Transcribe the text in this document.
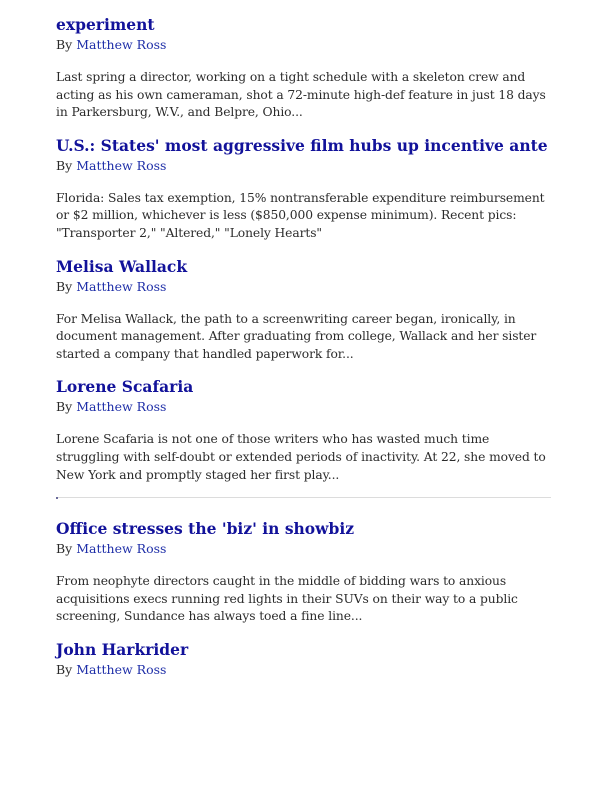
experiment
By Matthew Ross

Last spring a director, working on a tight schedule with a skeleton crew and acting as his own cameraman, shot a 72-minute high-def feature in just 18 days in Parkersburg, W.V., and Belpre, Ohio...

U.S.: States' most aggressive film hubs up incentive ante
By Matthew Ross

Florida: Sales tax exemption, 15% nontransferable expenditure reimbursement or $2 million, whichever is less ($850,000 expense minimum). Recent pics: "Transporter 2," "Altered," "Lonely Hearts"

Melisa Wallack
By Matthew Ross

For Melisa Wallack, the path to a screenwriting career began, ironically, in document management. After graduating from college, Wallack and her sister started a company that handled paperwork for...

Lorene Scafaria
By Matthew Ross

Lorene Scafaria is not one of those writers who has wasted much time struggling with self-doubt or extended periods of inactivity. At 22, she moved to New York and promptly staged her first play...

Office stresses the 'biz' in showbiz
By Matthew Ross

From neophyte directors caught in the middle of bidding wars to anxious acquisitions execs running red lights in their SUVs on their way to a public screening, Sundance has always toed a fine line...

John Harkrider
By Matthew Ross
